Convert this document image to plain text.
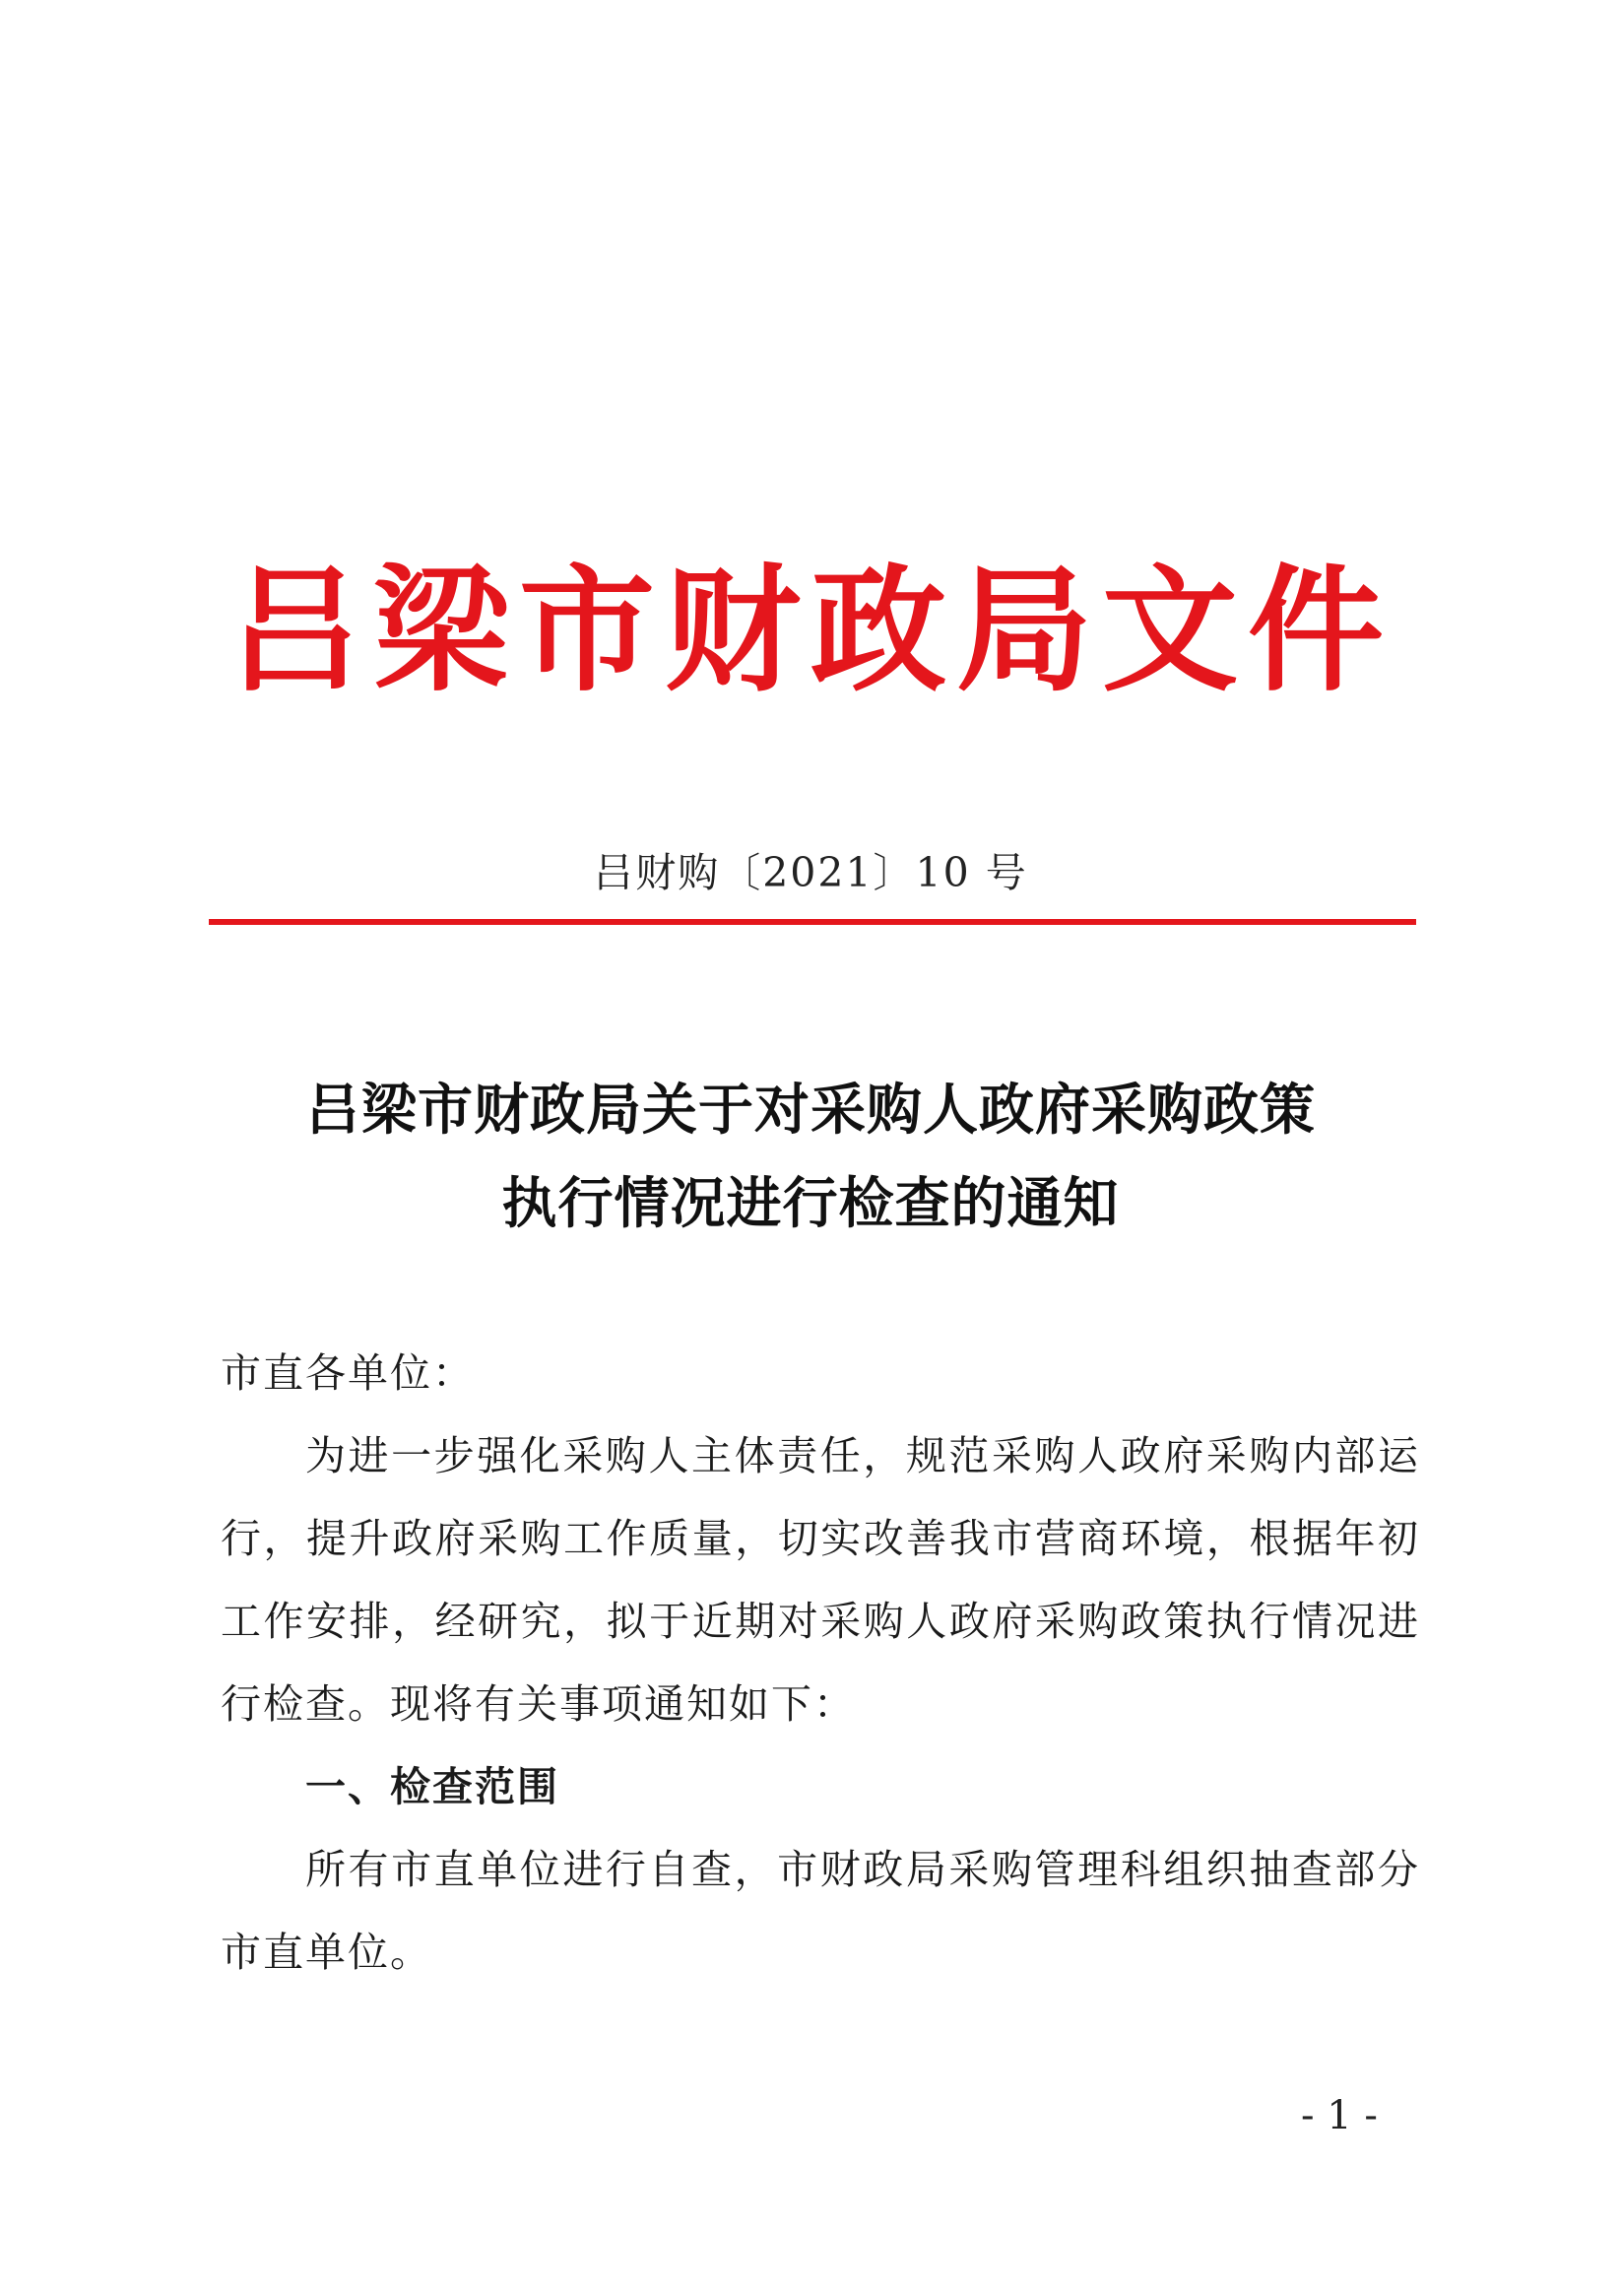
吕梁市财政局文件
吕财购〔2021〕10 号
吕梁市财政局关于对采购人政府采购政策
执行情况进行检查的通知
市直各单位：
为进一步强化采购人主体责任，规范采购人政府采购内部运行，提升政府采购工作质量，切实改善我市营商环境，根据年初工作安排，经研究，拟于近期对采购人政府采购政策执行情况进行检查。现将有关事项通知如下：
一、检查范围
所有市直单位进行自查，市财政局采购管理科组织抽查部分市直单位。
- 1 -
